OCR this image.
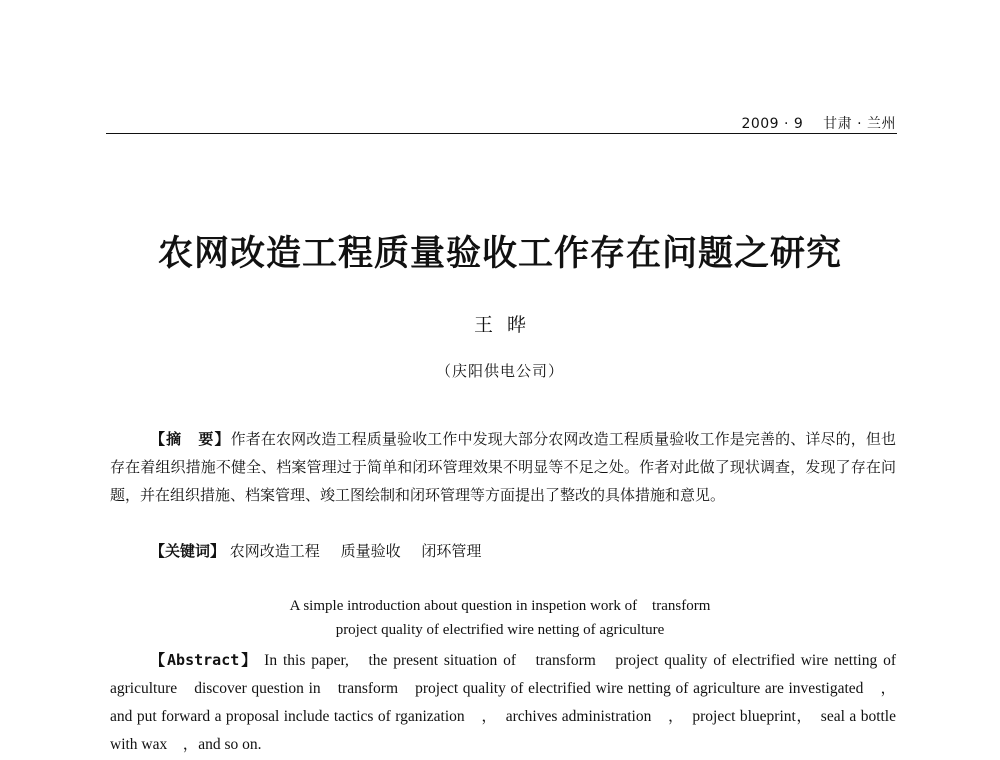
2009 · 9 甘肃 · 兰州
农网改造工程质量验收工作存在问题之研究
王晔
（庆阳供电公司）

【摘　要】作者在农网改造工程质量验收工作中发现大部分农网改造工程质量验收工作是完善的、详尽的，但也存在着组织措施不健全、档案管理过于简单和闭环管理效果不明显等不足之处。作者对此做了现状调查，发现了存在问题，并在组织措施、档案管理、竣工图绘制和闭环管理等方面提出了整改的具体措施和意见。

【关键词】 农网改造工程 质量验收 闭环管理
A simple introduction about question in inspetion work of　transform
project quality of electrified wire netting of agriculture

【Abstract】 In this paper,　the present situation of　transform　project quality of electrified wire netting of agriculture　discover question in　transform　project quality of electrified wire netting of agriculture are investigated　，and put forward a proposal include tactics of rganization　，　archives administration　，　project blueprint，　seal a bottle with wax　，and so on.
